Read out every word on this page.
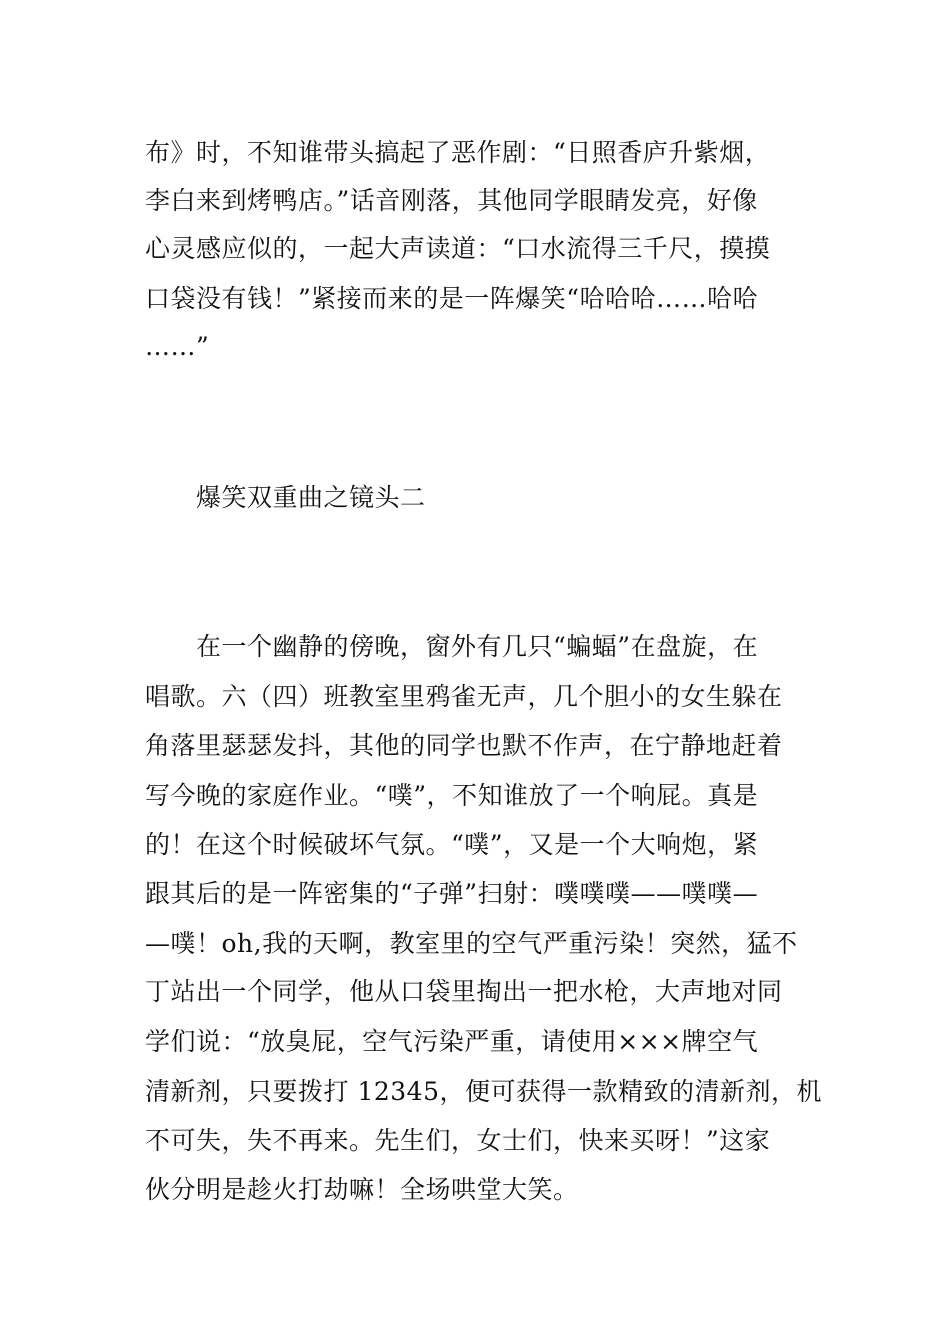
布》时，不知谁带头搞起了恶作剧：“日照香庐升紫烟，
李白来到烤鸭店。”话音刚落，其他同学眼睛发亮，好像
心灵感应似的，一起大声读道：“口水流得三千尺，摸摸
口袋没有钱！”紧接而来的是一阵爆笑“哈哈哈……哈哈
……”
爆笑双重曲之镜头二
在一个幽静的傍晚，窗外有几只“蝙蝠”在盘旋，在
唱歌。六（四）班教室里鸦雀无声，几个胆小的女生躲在
角落里瑟瑟发抖，其他的同学也默不作声，在宁静地赶着
写今晚的家庭作业。“噗”，不知谁放了一个响屁。真是
的！在这个时候破坏气氛。“噗”，又是一个大响炮，紧
跟其后的是一阵密集的“子弹”扫射：噗噗噗——噗噗—
—噗！oh,我的天啊，教室里的空气严重污染！突然，猛不
丁站出一个同学，他从口袋里掏出一把水枪，大声地对同
学们说：“放臭屁，空气污染严重，请使用×××牌空气
清新剂，只要拨打 12345，便可获得一款精致的清新剂，机
不可失，失不再来。先生们，女士们，快来买呀！”这家
伙分明是趁火打劫嘛！全场哄堂大笑。
